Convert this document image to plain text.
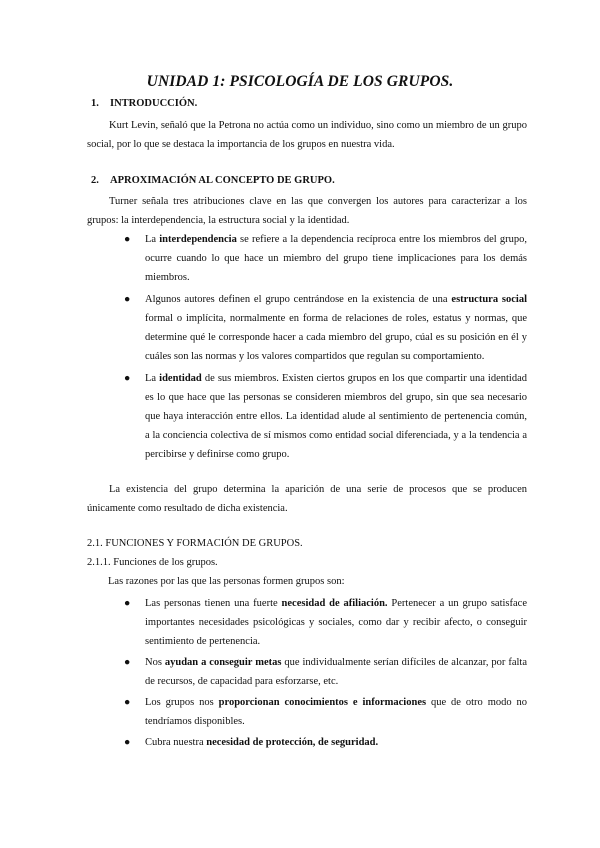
UNIDAD 1: PSICOLOGÍA DE LOS GRUPOS.
1. INTRODUCCIÓN.
Kurt Levin, señaló que la Petrona no actúa como un individuo, sino como un miembro de un grupo social, por lo que se destaca la importancia de los grupos en nuestra vida.
2. APROXIMACIÓN AL CONCEPTO DE GRUPO.
Turner señala tres atribuciones clave en las que convergen los autores para caracterizar a los grupos: la interdependencia, la estructura social y la identidad.
● La interdependencia se refiere a la dependencia recíproca entre los miembros del grupo, ocurre cuando lo que hace un miembro del grupo tiene implicaciones para los demás miembros.
● Algunos autores definen el grupo centrándose en la existencia de una estructura social formal o implícita, normalmente en forma de relaciones de roles, estatus y normas, que determine qué le corresponde hacer a cada miembro del grupo, cúal es su posición en él y cuáles son las normas y los valores compartidos que regulan su comportamiento.
● La identidad de sus miembros. Existen ciertos grupos en los que compartir una identidad es lo que hace que las personas se consideren miembros del grupo, sin que sea necesario que haya interacción entre ellos. La identidad alude al sentimiento de pertenencia común, a la conciencia colectiva de sí mismos como entidad social diferenciada, y a la tendencia a percibirse y definirse como grupo.
La existencia del grupo determina la aparición de una serie de procesos que se producen únicamente como resultado de dicha existencia.
2.1. FUNCIONES Y FORMACIÓN DE GRUPOS.
2.1.1. Funciones de los grupos.
Las razones por las que las personas formen grupos son:
● Las personas tienen una fuerte necesidad de afiliación. Pertenecer a un grupo satisface importantes necesidades psicológicas y sociales, como dar y recibir afecto, o conseguir sentimiento de pertenencia.
● Nos ayudan a conseguir metas que individualmente serían difíciles de alcanzar, por falta de recursos, de capacidad para esforzarse, etc.
● Los grupos nos proporcionan conocimientos e informaciones que de otro modo no tendríamos disponibles.
● Cubra nuestra necesidad de protección, de seguridad.
